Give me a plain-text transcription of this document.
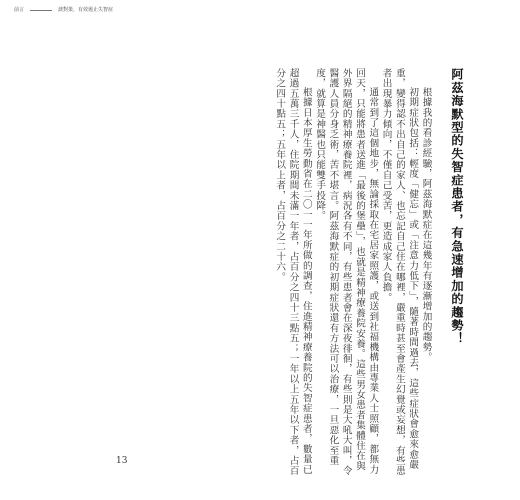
前言	談對策，有效遏止失智症
阿茲海默型的失智症患者，有急速增加的趨勢！

根據我的看診經驗，阿茲海默症在這幾年有逐漸增加的趨勢。

初期症狀包括：輕度「健忘」或「注意力低下」，隨著時間過去，這些症狀會愈來愈嚴重，變得認不出自己的家人、也忘記自己住在哪裡，嚴重時甚至會產生幻覺或妄想，有些患者出現暴力傾向，不僅自己受苦，更造成家人負擔。

通常到了這個地步，無論採取在宅居家照護，或送到社福機構由專業人士照顧，都無力回天，只能將患者送進「最後的堡壘」，也就是精神療養院安養。這些男女患者集體住在與外界隔絕的精神療養院裡，病況各有不同，有些患者會在深夜徘徊，有些則是大吼大叫，令醫護人員分身乏術，苦不堪言。阿茲海默症的初期症狀還有方法可以治療，一旦惡化至重度，就算是神醫也只能雙手投降。

根據日本厚生勞動省在二〇一一年所做的調查，住進精神療養院的失智症患者，數量已超過五萬三千人，住院期間未滿一年者，占百分之四十三點五；一年以上五年以下者，占百分之四十點五；五年以上者，占百分之二十六。

13
